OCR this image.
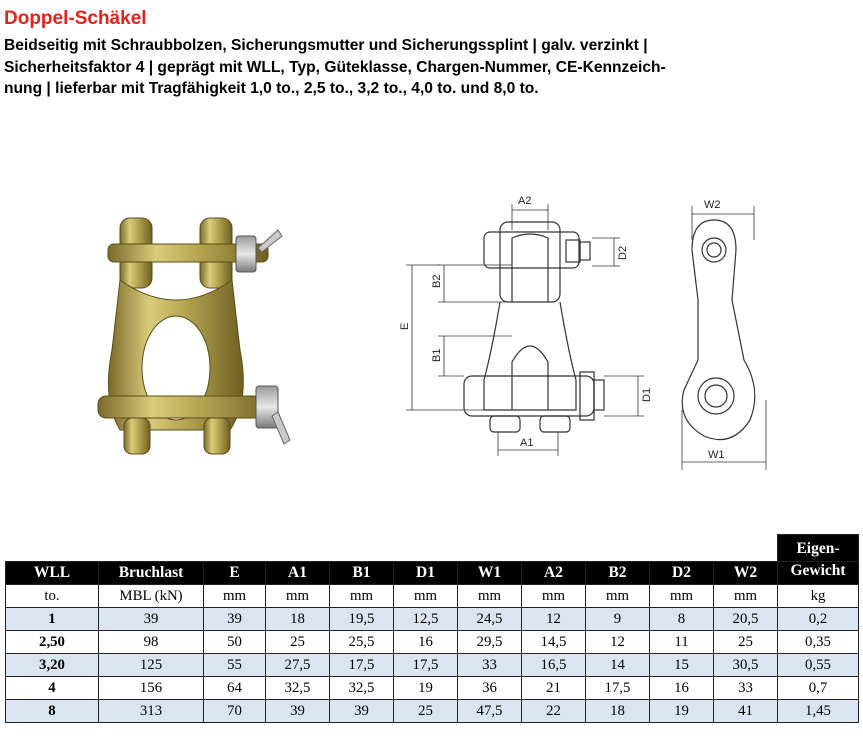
Doppel-Schäkel
Beidseitig mit Schraubbolzen, Sicherungsmutter und Sicherungssplint | galv. verzinkt |
Sicherheitsfaktor 4 | geprägt mit WLL, Typ, Güteklasse, Chargen-Nummer, CE-Kennzeich-
nung | lieferbar mit Tragfähigkeit 1,0 to., 2,5 to., 3,2 to., 4,0 to. und 8,0 to.
A2
B2
E
B1
A1
D2
D1
W2
W1
											Eigen-
WLL	Bruchlast	E	A1	B1	D1	W1	A2	B2	D2	W2	Gewicht
to.	MBL (kN)	mm	mm	mm	mm	mm	mm	mm	mm	mm	kg
1	39	39	18	19,5	12,5	24,5	12	9	8	20,5	0,2
2,50	98	50	25	25,5	16	29,5	14,5	12	11	25	0,35
3,20	125	55	27,5	17,5	17,5	33	16,5	14	15	30,5	0,55
4	156	64	32,5	32,5	19	36	21	17,5	16	33	0,7
8	313	70	39	39	25	47,5	22	18	19	41	1,45
